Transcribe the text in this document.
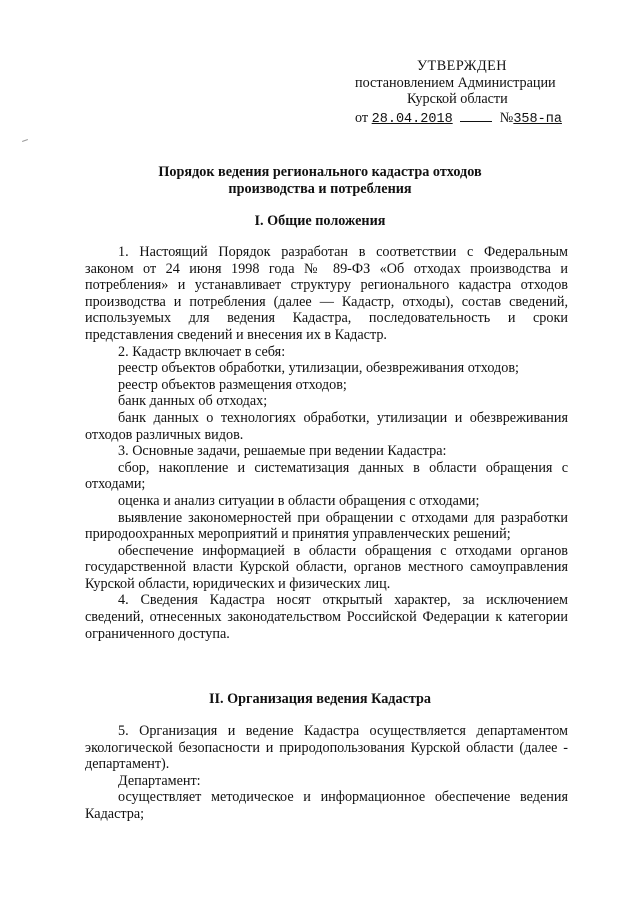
УТВЕРЖДЕН
постановлением Администрации
Курской области
от 28.04.2018	№358-па
Порядок ведения регионального кадастра отходов
производства и потребления
I. Общие положения

1. Настоящий Порядок разработан в соответствии с Федеральным законом от 24 июня 1998 года № 89-ФЗ «Об отходах производства и потребления» и устанавливает структуру регионального кадастра отходов производства и потребления (далее — Кадастр, отходы), состав сведений, используемых для ведения Кадастра, последовательность и сроки представления сведений и внесения их в Кадастр.

2. Кадастр включает в себя:

реестр объектов обработки, утилизации, обезвреживания отходов;

реестр объектов размещения отходов;

банк данных об отходах;

банк данных о технологиях обработки, утилизации и обезвреживания отходов различных видов.

3. Основные задачи, решаемые при ведении Кадастра:

сбор, накопление и систематизация данных в области обращения с отходами;

оценка и анализ ситуации в области обращения с отходами;

выявление закономерностей при обращении с отходами для разработки природоохранных мероприятий и принятия управленческих решений;

обеспечение информацией в области обращения с отходами органов государственной власти Курской области, органов местного самоуправления Курской области, юридических и физических лиц.

4. Сведения Кадастра носят открытый характер, за исключением сведений, отнесенных законодательством Российской Федерации к категории ограниченного доступа.

II. Организация ведения Кадастра

5. Организация и ведение Кадастра осуществляется департаментом экологической безопасности и природопользования Курской области (далее - департамент).

Департамент:

осуществляет методическое и информационное обеспечение ведения Кадастра;
